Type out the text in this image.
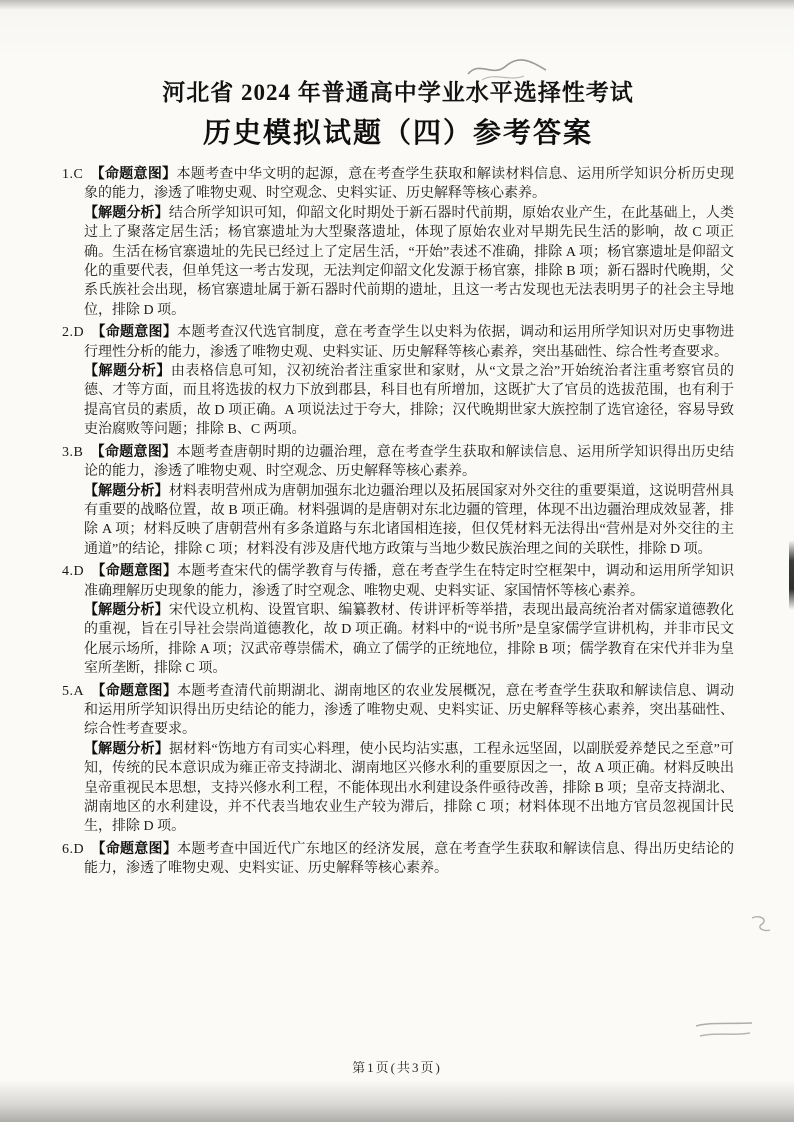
河北省 2024 年普通高中学业水平选择性考试
历史模拟试题（四）参考答案

1.C 【命题意图】本题考查中华文明的起源，意在考查学生获取和解读材料信息、运用所学知识分析历史现象的能力，渗透了唯物史观、时空观念、史料实证、历史解释等核心素养。

【解题分析】结合所学知识可知，仰韶文化时期处于新石器时代前期，原始农业产生，在此基础上，人类过上了聚落定居生活；杨官寨遗址为大型聚落遗址，体现了原始农业对早期先民生活的影响，故 C 项正确。生活在杨官寨遗址的先民已经过上了定居生活，“开始”表述不准确，排除 A 项；杨官寨遗址是仰韶文化的重要代表，但单凭这一考古发现，无法判定仰韶文化发源于杨官寨，排除 B 项；新石器时代晚期，父系氏族社会出现，杨官寨遗址属于新石器时代前期的遗址，且这一考古发现也无法表明男子的社会主导地位，排除 D 项。

2.D 【命题意图】本题考查汉代选官制度，意在考查学生以史料为依据，调动和运用所学知识对历史事物进行理性分析的能力，渗透了唯物史观、史料实证、历史解释等核心素养，突出基础性、综合性考查要求。

【解题分析】由表格信息可知，汉初统治者注重家世和家财，从“文景之治”开始统治者注重考察官员的德、才等方面，而且将选拔的权力下放到郡县，科目也有所增加，这既扩大了官员的选拔范围，也有利于提高官员的素质，故 D 项正确。A 项说法过于夸大，排除；汉代晚期世家大族控制了选官途径，容易导致吏治腐败等问题；排除 B、C 两项。

3.B 【命题意图】本题考查唐朝时期的边疆治理，意在考查学生获取和解读信息、运用所学知识得出历史结论的能力，渗透了唯物史观、时空观念、历史解释等核心素养。

【解题分析】材料表明营州成为唐朝加强东北边疆治理以及拓展国家对外交往的重要渠道，这说明营州具有重要的战略位置，故 B 项正确。材料强调的是唐朝对东北边疆的管理，体现不出边疆治理成效显著，排除 A 项；材料反映了唐朝营州有多条道路与东北诸国相连接，但仅凭材料无法得出“营州是对外交往的主通道”的结论，排除 C 项；材料没有涉及唐代地方政策与当地少数民族治理之间的关联性，排除 D 项。

4.D 【命题意图】本题考查宋代的儒学教育与传播，意在考查学生在特定时空框架中，调动和运用所学知识准确理解历史现象的能力，渗透了时空观念、唯物史观、史料实证、家国情怀等核心素养。

【解题分析】宋代设立机构、设置官职、编纂教材、传讲评析等举措，表现出最高统治者对儒家道德教化的重视，旨在引导社会崇尚道德教化，故 D 项正确。材料中的“说书所”是皇家儒学宣讲机构，并非市民文化展示场所，排除 A 项；汉武帝尊崇儒术，确立了儒学的正统地位，排除 B 项；儒学教育在宋代并非为皇室所垄断，排除 C 项。

5.A 【命题意图】本题考查清代前期湖北、湖南地区的农业发展概况，意在考查学生获取和解读信息、调动和运用所学知识得出历史结论的能力，渗透了唯物史观、史料实证、历史解释等核心素养，突出基础性、综合性考查要求。

【解题分析】据材料“饬地方有司实心料理，使小民均沾实惠，工程永远坚固，以副朕爱养楚民之至意”可知，传统的民本意识成为雍正帝支持湖北、湖南地区兴修水利的重要原因之一，故 A 项正确。材料反映出皇帝重视民本思想，支持兴修水利工程，不能体现出水利建设条件亟待改善，排除 B 项；皇帝支持湖北、湖南地区的水利建设，并不代表当地农业生产较为滞后，排除 C 项；材料体现不出地方官员忽视国计民生，排除 D 项。

6.D 【命题意图】本题考查中国近代广东地区的经济发展，意在考查学生获取和解读信息、得出历史结论的能力，渗透了唯物史观、史料实证、历史解释等核心素养。

第1页(共3页)
